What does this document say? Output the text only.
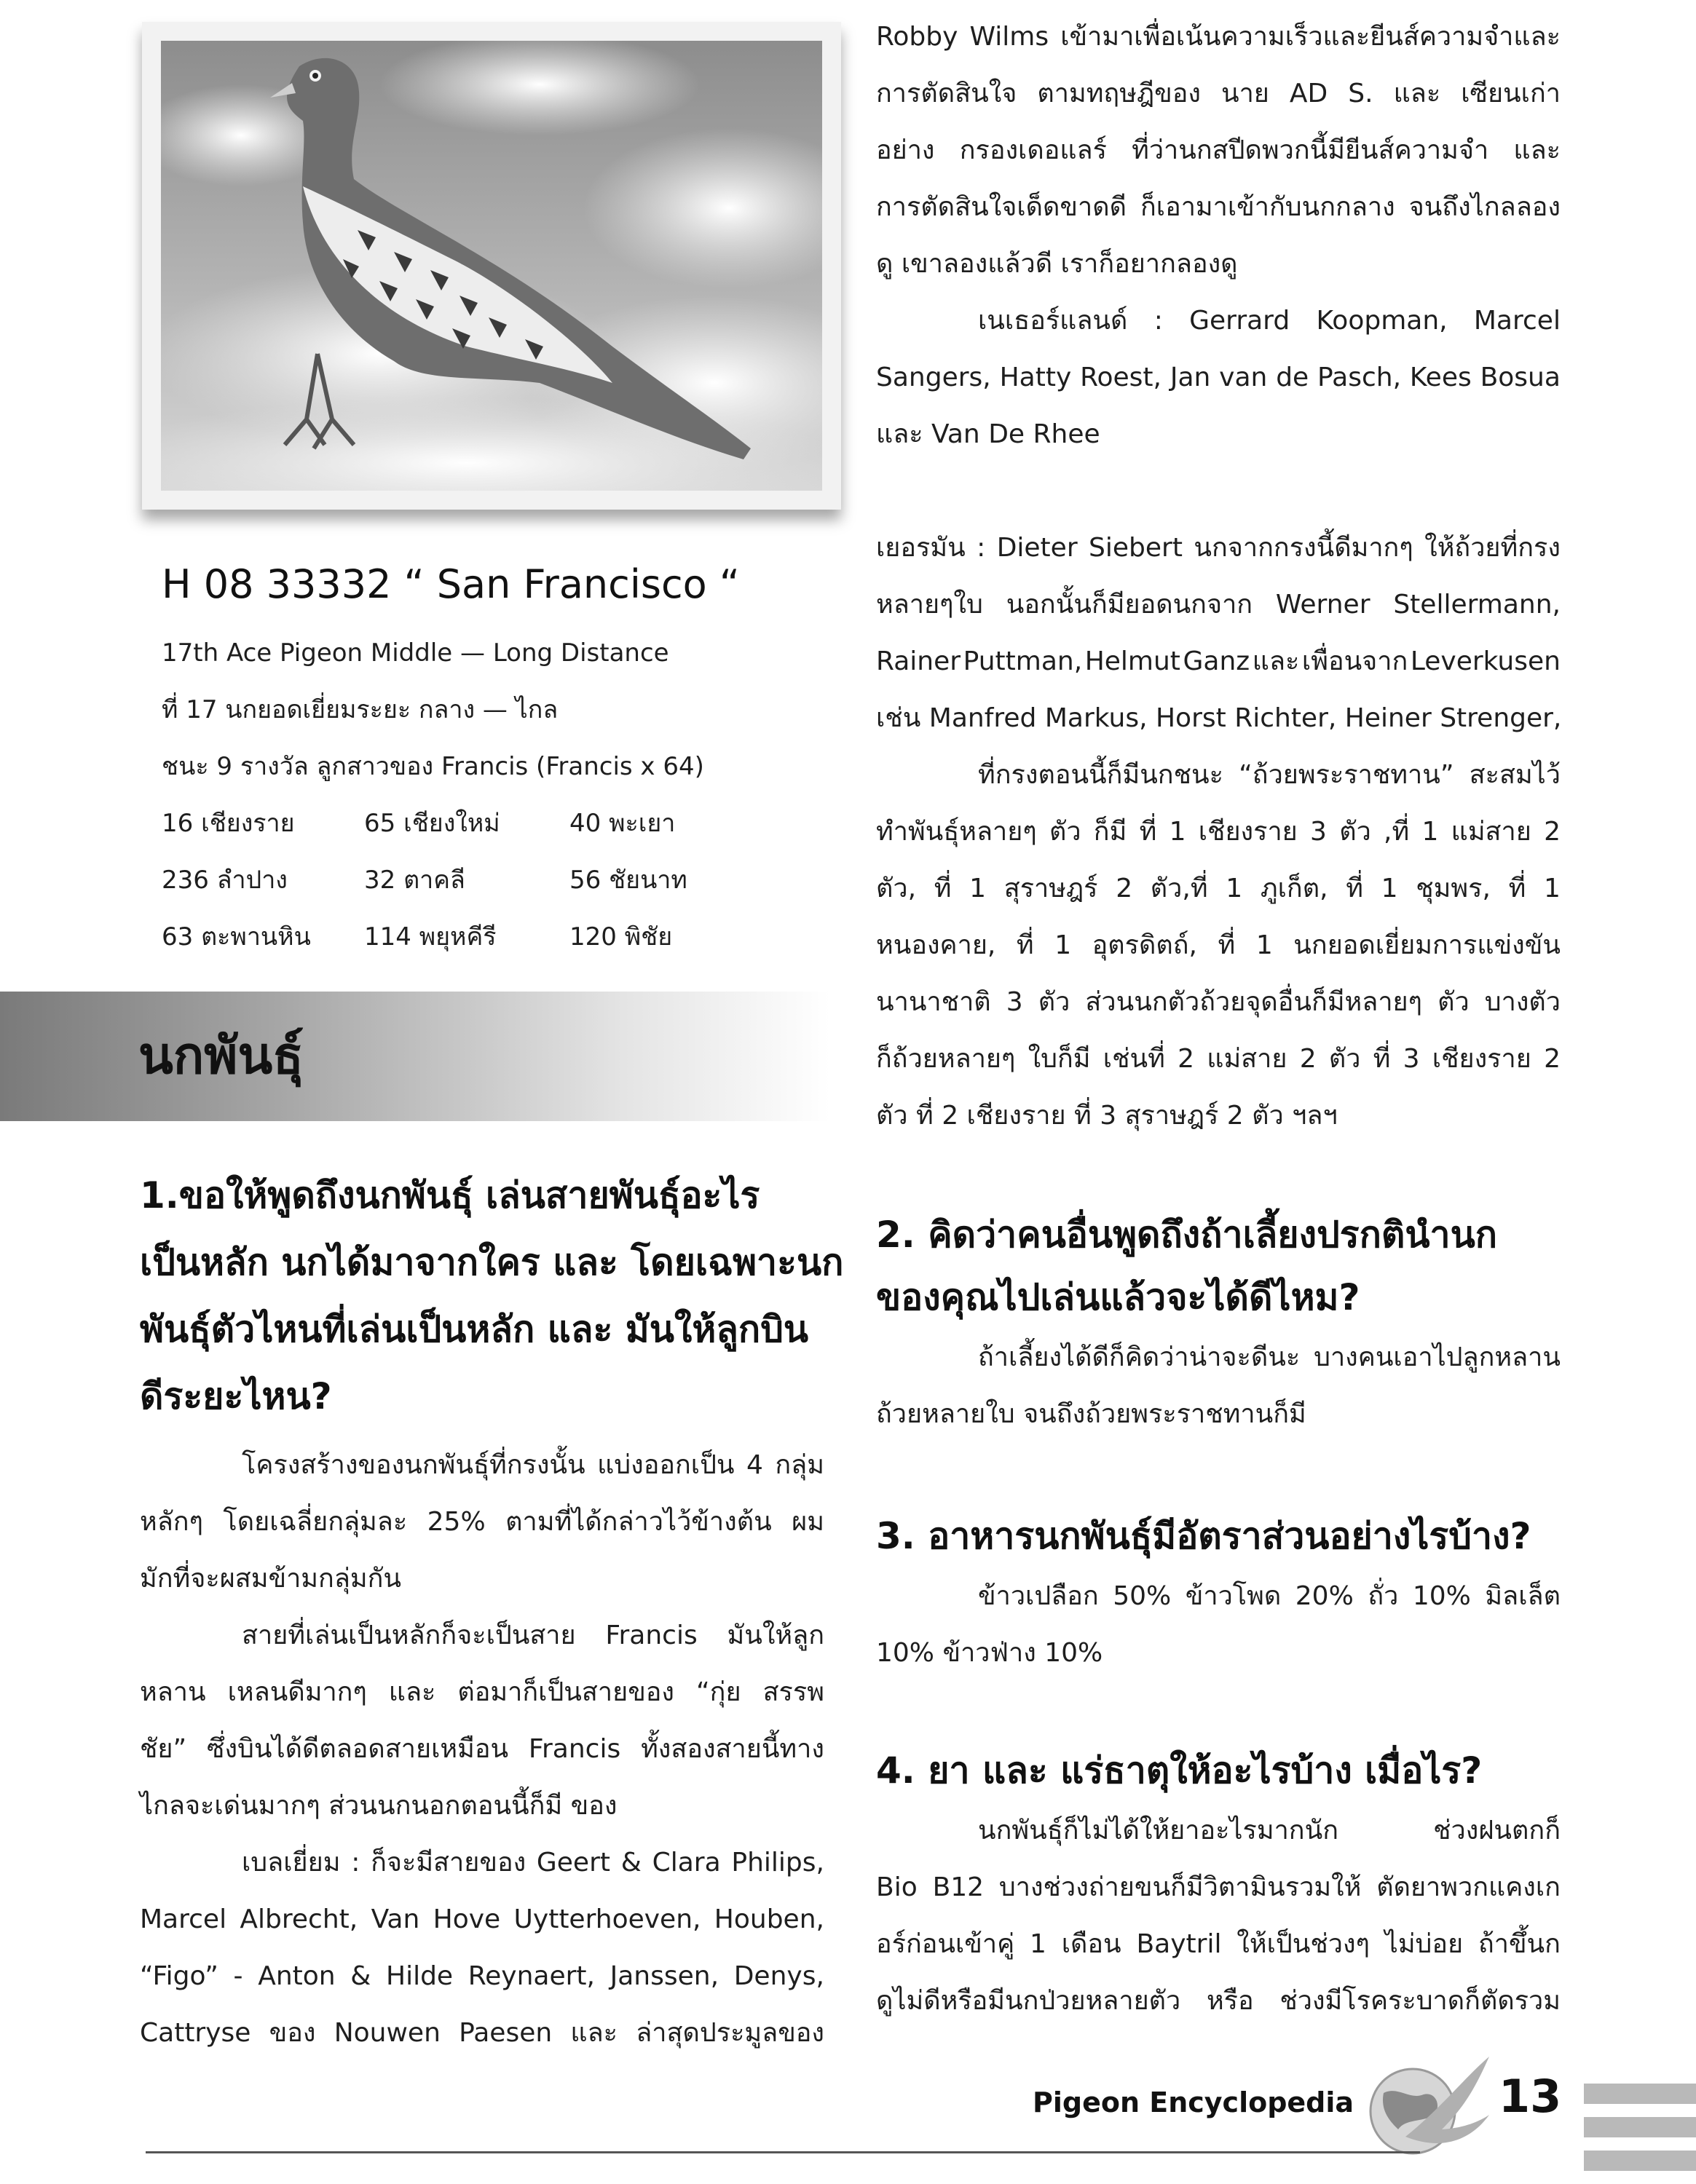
H 08 33332 “ San Francisco “
17th Ace Pigeon Middle — Long Distance
ที่ 17 นกยอดเยี่ยมระยะ กลาง — ไกล
ชนะ 9 รางวัล ลูกสาวของ Francis (Francis x 64)
16 เชียงราย	65 เชียงใหม่	40 พะเยา
236 ลำปาง	32 ตาคลี	56 ชัยนาท
63 ตะพานหิน 114 พยุหคีรี	120 พิชัย
นกพันธุ์
1.ขอให้พูดถึงนกพันธุ์ เล่นสายพันธุ์อะไร
เป็นหลัก นกได้มาจากใคร และ โดยเฉพาะนก
พันธุ์ตัวไหนที่เล่นเป็นหลัก และ มันให้ลูกบิน
ดีระยะไหน?
โครงสร้างของนกพันธุ์ที่กรงนั้น แบ่งออกเป็น 4 กลุ่ม
หลักๆ โดยเฉลี่ยกลุ่มละ 25% ตามที่ได้กล่าวไว้ข้างต้น ผม
มักที่จะผสมข้ามกลุ่มกัน
สายที่เล่นเป็นหลักก็จะเป็นสาย Francis มันให้ลูก
หลาน เหลนดีมากๆ และ ต่อมาก็เป็นสายของ “กุ่ย สรรพ
ชัย” ซึ่งบินได้ดีตลอดสายเหมือน Francis ทั้งสองสายนี้ทาง
ไกลจะเด่นมากๆ ส่วนนกนอกตอนนี้ก็มี ของ
เบลเยี่ยม : ก็จะมีสายของ Geert & Clara Philips,
Marcel Albrecht, Van Hove Uytterhoeven, Houben,
“Figo” - Anton & Hilde Reynaert, Janssen, Denys,
Cattryse ของ Nouwen Paesen และ ล่าสุดประมูลของ
Robby Wilms เข้ามาเพื่อเน้นความเร็วและยีนส์ความจำและ
การตัดสินใจ ตามทฤษฎีของ นาย AD S. และ เซียนเก่า
อย่าง กรองเดอแลร์ ที่ว่านกสปีดพวกนี้มียีนส์ความจำ และ
การตัดสินใจเด็ดขาดดี ก็เอามาเข้ากับนกกลาง จนถึงไกลลอง
ดู เขาลองแล้วดี เราก็อยากลองดู
เนเธอร์แลนด์ : Gerrard Koopman, Marcel
Sangers, Hatty Roest, Jan van de Pasch, Kees Bosua
และ Van De Rhee
เยอรมัน : Dieter Siebert นกจากกรงนี้ดีมากๆ ให้ถ้วยที่กรง
หลายๆใบ นอกนั้นก็มียอดนกจาก Werner Stellermann,
Rainer Puttman, Helmut Ganz และ เพื่อนจาก Leverkusen
เช่น Manfred Markus, Horst Richter, Heiner Strenger,
ที่กรงตอนนี้ก็มีนกชนะ “ถ้วยพระราชทาน” สะสมไว้
ทำพันธุ์หลายๆ ตัว ก็มี ที่ 1 เชียงราย 3 ตัว ,ที่ 1 แม่สาย 2
ตัว, ที่ 1 สุราษฎร์ 2 ตัว,ที่ 1 ภูเก็ต, ที่ 1 ชุมพร, ที่ 1
หนองคาย, ที่ 1 อุตรดิตถ์, ที่ 1 นกยอดเยี่ยมการแข่งขัน
นานาชาติ 3 ตัว ส่วนนกตัวถ้วยจุดอื่นก็มีหลายๆ ตัว บางตัว
ก็ถ้วยหลายๆ ใบก็มี เช่นที่ 2 แม่สาย 2 ตัว ที่ 3 เชียงราย 2
ตัว ที่ 2 เชียงราย ที่ 3 สุราษฎร์ 2 ตัว ฯลฯ
2. คิดว่าคนอื่นพูดถึงถ้าเลี้ยงปรกตินำนก
ของคุณไปเล่นแล้วจะได้ดีไหม?
ถ้าเลี้ยงได้ดีก็คิดว่าน่าจะดีนะ บางคนเอาไปลูกหลาน
ถ้วยหลายใบ จนถึงถ้วยพระราชทานก็มี
3. อาหารนกพันธุ์มีอัตราส่วนอย่างไรบ้าง?
ข้าวเปลือก 50% ข้าวโพด 20% ถั่ว 10% มิลเล็ต
10% ข้าวฟ่าง 10%
4. ยา และ แร่ธาตุให้อะไรบ้าง เมื่อไร?
นกพันธุ์ก็ไม่ได้ให้ยาอะไรมากนัก	ช่วงฝนตกก็
Bio B12 บางช่วงถ่ายขนก็มีวิตามินรวมให้ ตัดยาพวกแคงเก
อร์ก่อนเข้าคู่ 1 เดือน Baytril ให้เป็นช่วงๆ ไม่บ่อย ถ้าขึ้นก
ดูไม่ดีหรือมีนกป่วยหลายตัว หรือ ช่วงมีโรคระบาดก็ตัดรวม
Pigeon Encyclopedia	13
